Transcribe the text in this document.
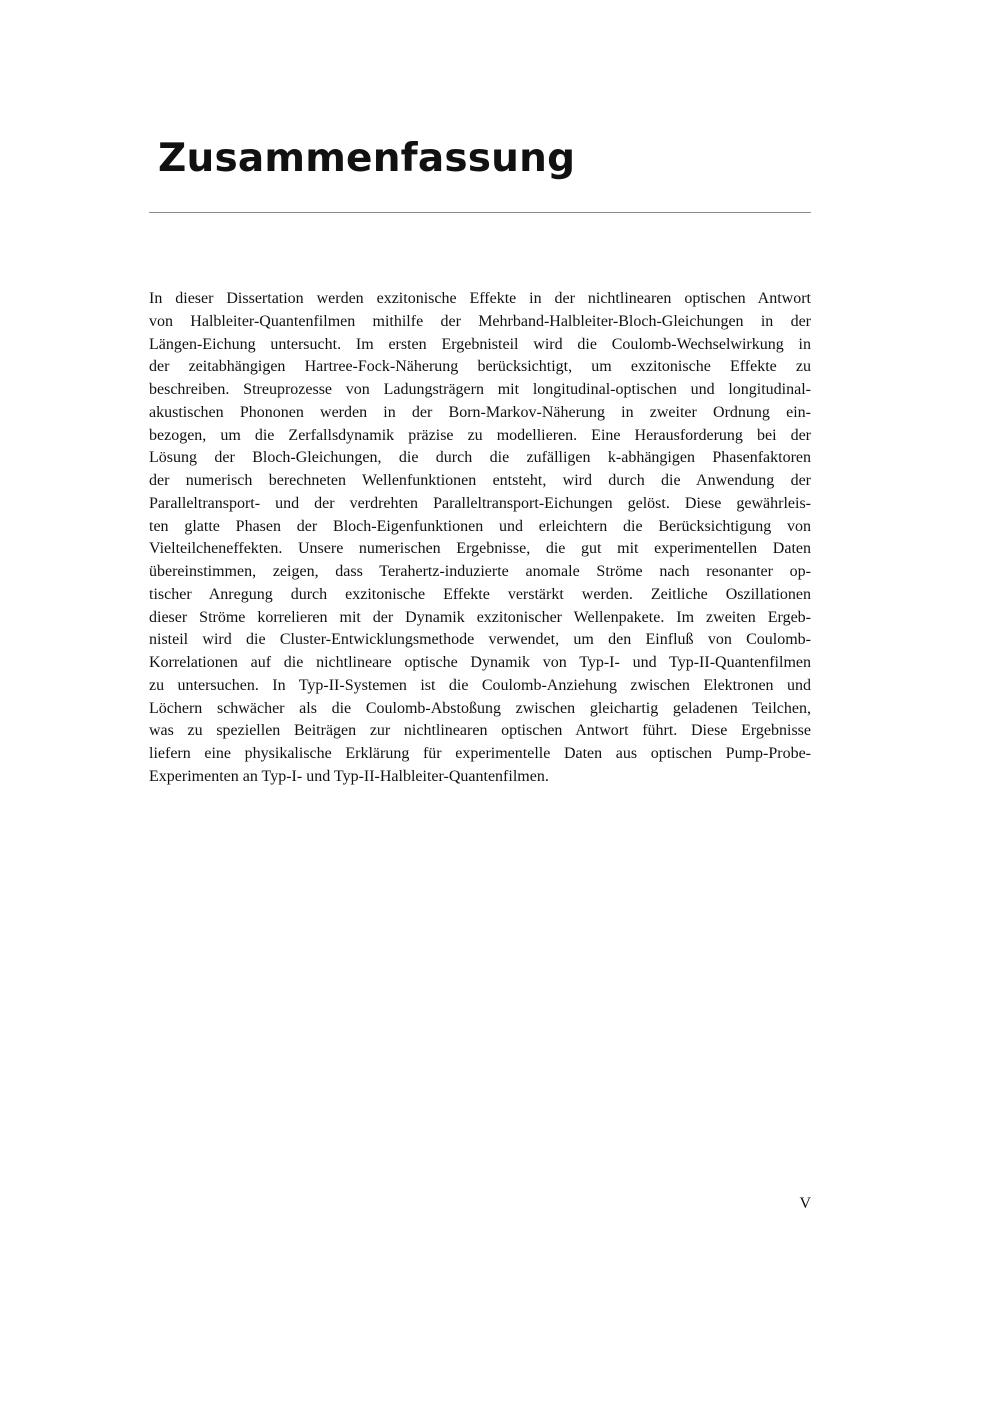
Zusammenfassung
In dieser Dissertation werden exzitonische Effekte in der nichtlinearen optischen Antwort
von Halbleiter-Quantenfilmen mithilfe der Mehrband-Halbleiter-Bloch-Gleichungen in der
Längen-Eichung untersucht. Im ersten Ergebnisteil wird die Coulomb-Wechselwirkung in
der zeitabhängigen Hartree-Fock-Näherung berücksichtigt, um exzitonische Effekte zu
beschreiben. Streuprozesse von Ladungsträgern mit longitudinal-optischen und longitudinal-
akustischen Phononen werden in der Born-Markov-Näherung in zweiter Ordnung ein-
bezogen, um die Zerfallsdynamik präzise zu modellieren. Eine Herausforderung bei der
Lösung der Bloch-Gleichungen, die durch die zufälligen k-abhängigen Phasenfaktoren
der numerisch berechneten Wellenfunktionen entsteht, wird durch die Anwendung der
Paralleltransport- und der verdrehten Paralleltransport-Eichungen gelöst. Diese gewährleis-
ten glatte Phasen der Bloch-Eigenfunktionen und erleichtern die Berücksichtigung von
Vielteilcheneffekten. Unsere numerischen Ergebnisse, die gut mit experimentellen Daten
übereinstimmen, zeigen, dass Terahertz-induzierte anomale Ströme nach resonanter op-
tischer Anregung durch exzitonische Effekte verstärkt werden. Zeitliche Oszillationen
dieser Ströme korrelieren mit der Dynamik exzitonischer Wellenpakete. Im zweiten Ergeb-
nisteil wird die Cluster-Entwicklungsmethode verwendet, um den Einfluß von Coulomb-
Korrelationen auf die nichtlineare optische Dynamik von Typ-I- und Typ-II-Quantenfilmen
zu untersuchen. In Typ-II-Systemen ist die Coulomb-Anziehung zwischen Elektronen und
Löchern schwächer als die Coulomb-Abstoßung zwischen gleichartig geladenen Teilchen,
was zu speziellen Beiträgen zur nichtlinearen optischen Antwort führt. Diese Ergebnisse
liefern eine physikalische Erklärung für experimentelle Daten aus optischen Pump-Probe-
Experimenten an Typ-I- und Typ-II-Halbleiter-Quantenfilmen.
V
